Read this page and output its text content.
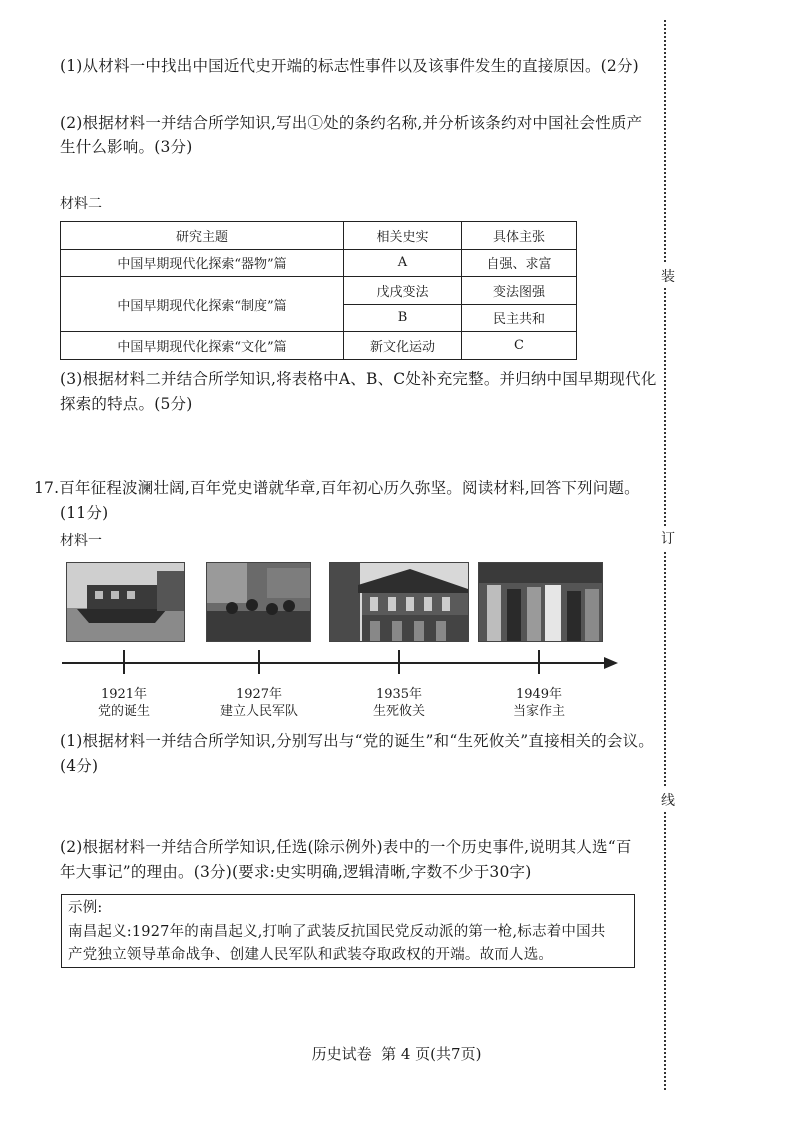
装
订
线
(1)从材料一中找出中国近代史开端的标志性事件以及该事件发生的直接原因。(2分)
(2)根据材料一并结合所学知识,写出①处的条约名称,并分析该条约对中国社会性质产
生什么影响。(3分)
材料二
研究主题	相关史实	具体主张
中国早期现代化探索“器物”篇	A	自强、求富
中国早期现代化探索“制度”篇	戊戌变法	变法图强
	B	民主共和
中国早期现代化探索“文化”篇	新文化运动	C
(3)根据材料二并结合所学知识,将表格中A、B、C处补充完整。并归纳中国早期现代化
探索的特点。(5分)
17.百年征程波澜壮阔,百年党史谱就华章,百年初心历久弥坚。阅读材料,回答下列问题。
(11分)
材料一
1921年
党的诞生
1927年
建立人民军队
1935年
生死攸关
1949年
当家作主
(1)根据材料一并结合所学知识,分别写出与“党的诞生”和“生死攸关”直接相关的会议。
(4分)
(2)根据材料一并结合所学知识,任选(除示例外)表中的一个历史事件,说明其人选“百
年大事记”的理由。(3分)(要求:史实明确,逻辑清晰,字数不少于30字)
示例:
南昌起义:1927年的南昌起义,打响了武装反抗国民党反动派的第一枪,标志着中国共
产党独立领导革命战争、创建人民军队和武装夺取政权的开端。故而人选。
历史试卷  第 4 页(共7页)
